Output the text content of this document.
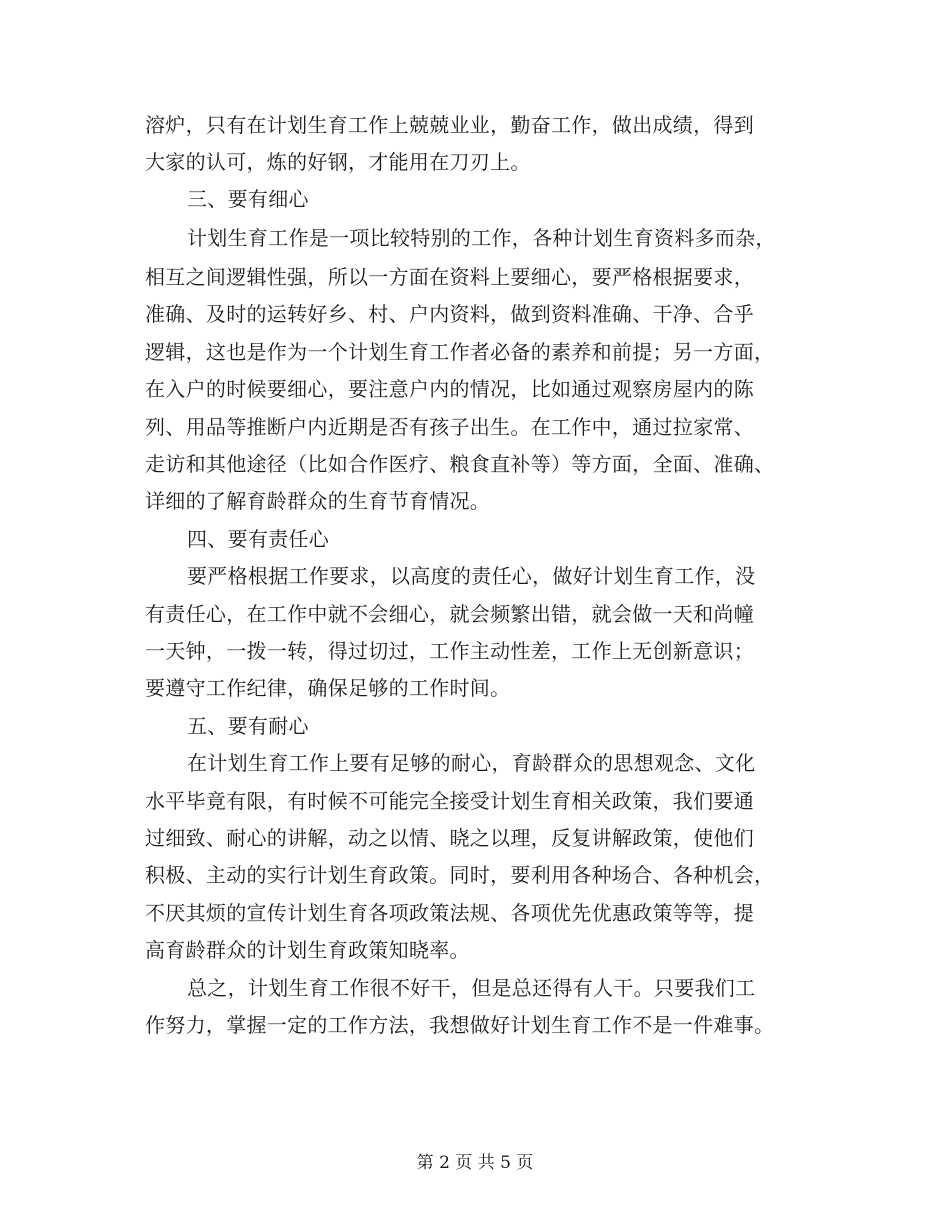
溶炉，只有在计划生育工作上兢兢业业，勤奋工作，做出成绩，得到
大家的认可，炼的好钢，才能用在刀刃上。
三、要有细心
计划生育工作是一项比较特别的工作，各种计划生育资料多而杂，
相互之间逻辑性强，所以一方面在资料上要细心，要严格根据要求，
准确、及时的运转好乡、村、户内资料，做到资料准确、干净、合乎
逻辑，这也是作为一个计划生育工作者必备的素养和前提；另一方面，
在入户的时候要细心，要注意户内的情况，比如通过观察房屋内的陈
列、用品等推断户内近期是否有孩子出生。在工作中，通过拉家常、
走访和其他途径（比如合作医疗、粮食直补等）等方面，全面、准确、
详细的了解育龄群众的生育节育情况。
四、要有责任心
要严格根据工作要求，以高度的责任心，做好计划生育工作，没
有责任心，在工作中就不会细心，就会频繁出错，就会做一天和尚幢
一天钟，一拨一转，得过切过，工作主动性差，工作上无创新意识；
要遵守工作纪律，确保足够的工作时间。
五、要有耐心
在计划生育工作上要有足够的耐心，育龄群众的思想观念、文化
水平毕竟有限，有时候不可能完全接受计划生育相关政策，我们要通
过细致、耐心的讲解，动之以情、晓之以理，反复讲解政策，使他们
积极、主动的实行计划生育政策。同时，要利用各种场合、各种机会，
不厌其烦的宣传计划生育各项政策法规、各项优先优惠政策等等，提
高育龄群众的计划生育政策知晓率。
总之，计划生育工作很不好干，但是总还得有人干。只要我们工
作努力，掌握一定的工作方法，我想做好计划生育工作不是一件难事。
第 2 页 共 5 页
